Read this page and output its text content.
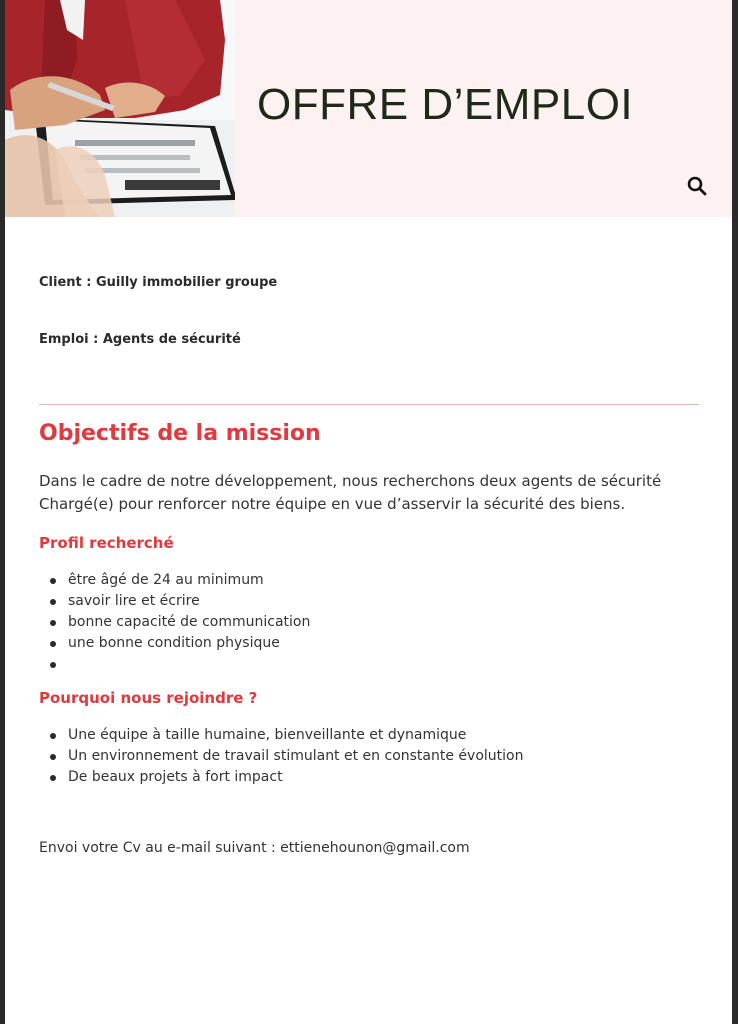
OFFRE D’EMPLOI
Client : Guilly immobilier groupe
Emploi : Agents de sécurité
Objectifs de la mission
Dans le cadre de notre développement, nous recherchons deux agents de sécurité Chargé(e) pour renforcer notre équipe en vue d’asservir la sécurité des biens.
Profil recherché
être âgé de 24 au minimum
savoir lire et écrire
bonne capacité de communication
une bonne condition physique
Pourquoi nous rejoindre ?
Une équipe à taille humaine, bienveillante et dynamique
Un environnement de travail stimulant et en constante évolution
De beaux projets à fort impact
Envoi votre Cv au e-mail suivant : ettienehounon@gmail.com
